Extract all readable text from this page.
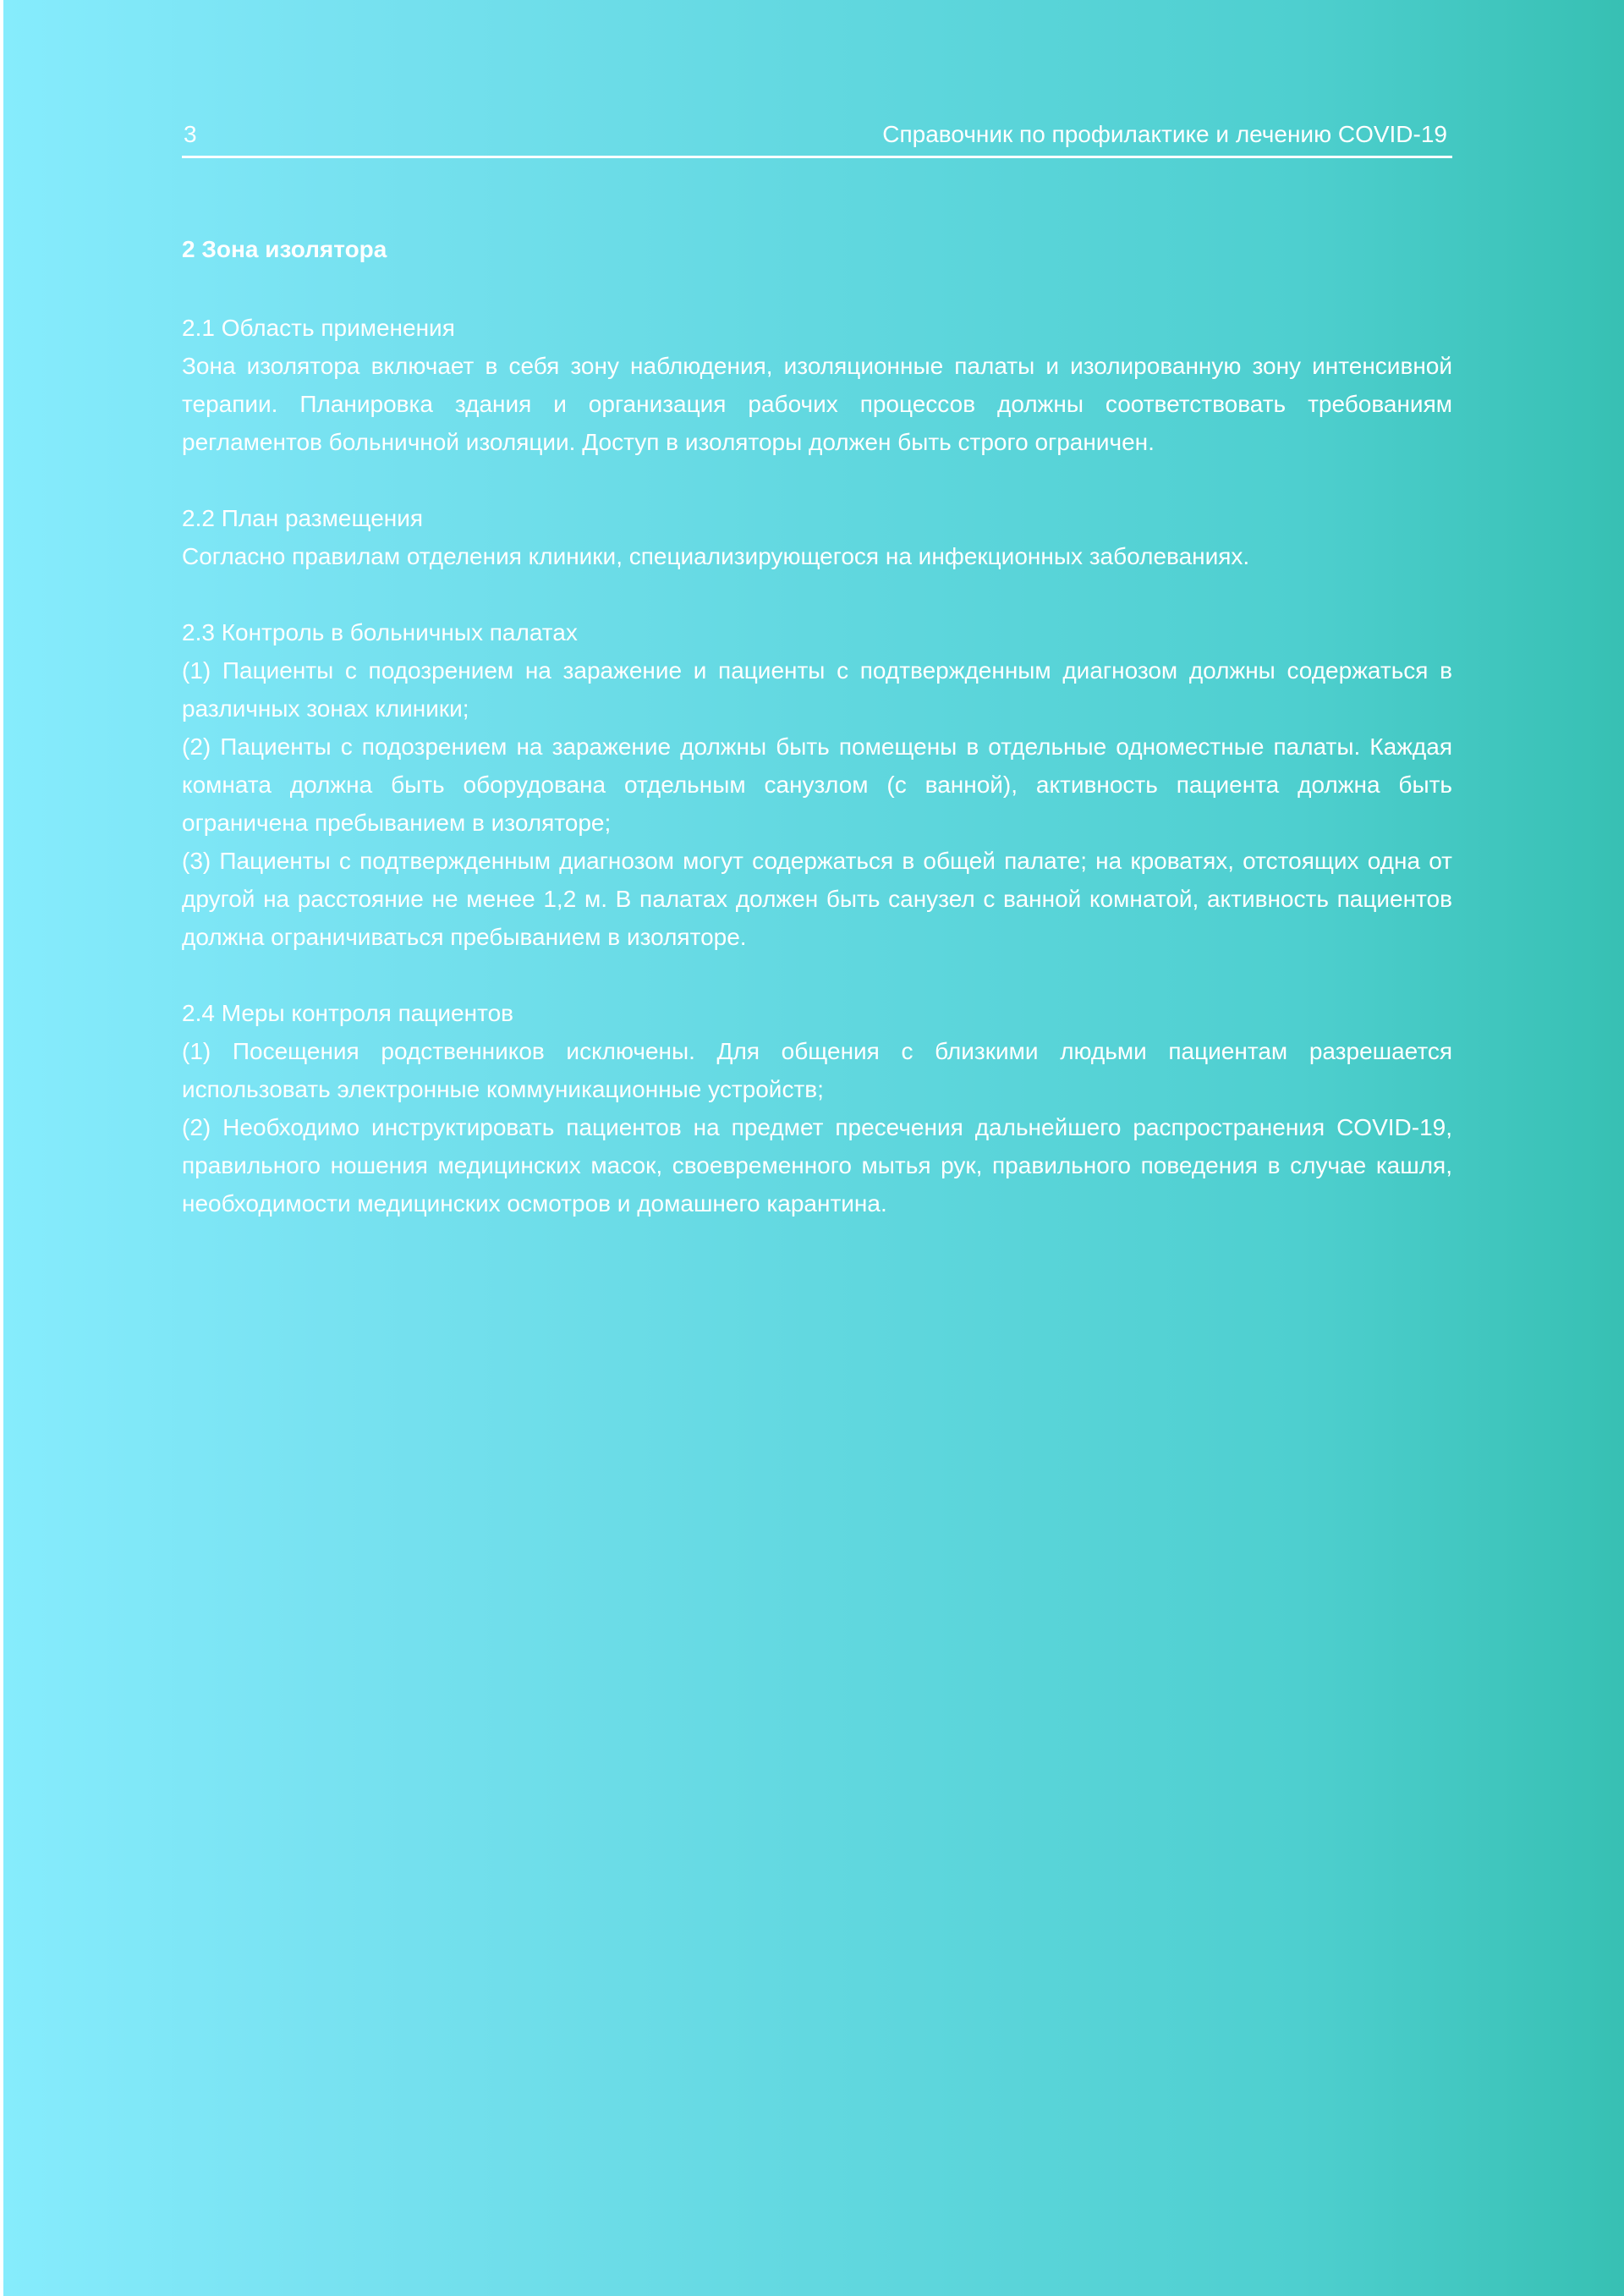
3	Справочник по профилактике и лечению COVID-19
2 Зона изолятора
2.1 Область применения

Зона изолятора включает в себя зону наблюдения, изоляционные палаты и изолированную зону интенсивной терапии. Планировка здания и организация рабочих процессов должны соответствовать требованиям регламентов больничной изоляции. Доступ в изоляторы должен быть строго ограничен.

2.2 План размещения

Согласно правилам отделения клиники, специализирующегося на инфекционных заболеваниях.

2.3 Контроль в больничных палатах

(1) Пациенты с подозрением на заражение и пациенты с подтвержденным диагнозом должны содержаться в различных зонах клиники;

(2) Пациенты с подозрением на заражение должны быть помещены в отдельные одноместные палаты. Каждая комната должна быть оборудована отдельным санузлом (с ванной), активность пациента должна быть ограничена пребыванием в изоляторе;

(3) Пациенты с подтвержденным диагнозом могут содержаться в общей палате; на кроватях, отстоящих одна от другой на расстояние не менее 1,2 м. В палатах должен быть санузел с ванной комнатой, активность пациентов должна ограничиваться пребыванием в изоляторе.

2.4 Меры контроля пациентов

(1) Посещения родственников исключены. Для общения с близкими людьми пациентам разрешается использовать электронные коммуникационные устройств;

(2) Необходимо инструктировать пациентов на предмет пресечения дальнейшего распространения COVID-19, правильного ношения медицинских масок, своевременного мытья рук, правильного поведения в случае кашля, необходимости медицинских осмотров и домашнего карантина.
